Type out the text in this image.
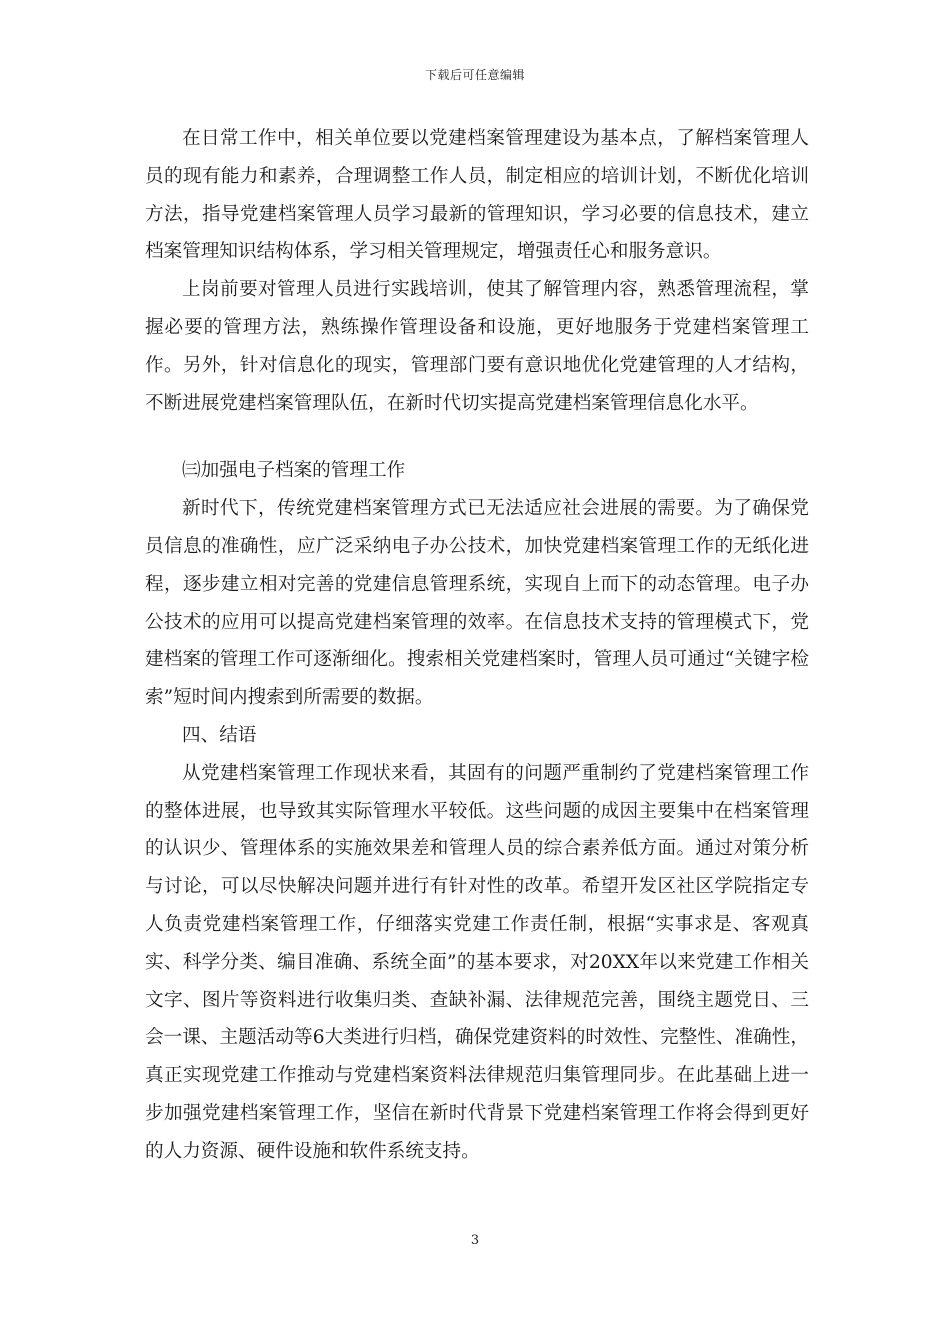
下载后可任意编辑

在日常工作中，相关单位要以党建档案管理建设为基本点，了解档案管理人员的现有能力和素养，合理调整工作人员，制定相应的培训计划，不断优化培训方法，指导党建档案管理人员学习最新的管理知识，学习必要的信息技术，建立档案管理知识结构体系，学习相关管理规定，增强责任心和服务意识。

上岗前要对管理人员进行实践培训，使其了解管理内容，熟悉管理流程，掌握必要的管理方法，熟练操作管理设备和设施，更好地服务于党建档案管理工作。另外，针对信息化的现实，管理部门要有意识地优化党建管理的人才结构，不断进展党建档案管理队伍，在新时代切实提高党建档案管理信息化水平。

㈢加强电子档案的管理工作

新时代下，传统党建档案管理方式已无法适应社会进展的需要。为了确保党员信息的准确性，应广泛采纳电子办公技术，加快党建档案管理工作的无纸化进程，逐步建立相对完善的党建信息管理系统，实现自上而下的动态管理。电子办公技术的应用可以提高党建档案管理的效率。在信息技术支持的管理模式下，党建档案的管理工作可逐渐细化。搜索相关党建档案时，管理人员可通过“关键字检索”短时间内搜索到所需要的数据。

四、结语

从党建档案管理工作现状来看，其固有的问题严重制约了党建档案管理工作的整体进展，也导致其实际管理水平较低。这些问题的成因主要集中在档案管理的认识少、管理体系的实施效果差和管理人员的综合素养低方面。通过对策分析与讨论，可以尽快解决问题并进行有针对性的改革。希望开发区社区学院指定专人负责党建档案管理工作，仔细落实党建工作责任制，根据“实事求是、客观真实、科学分类、编目准确、系统全面”的基本要求，对20XX年以来党建工作相关文字、图片等资料进行收集归类、查缺补漏、法律规范完善，围绕主题党日、三会一课、主题活动等6大类进行归档，确保党建资料的时效性、完整性、准确性，真正实现党建工作推动与党建档案资料法律规范归集管理同步。在此基础上进一步加强党建档案管理工作，坚信在新时代背景下党建档案管理工作将会得到更好的人力资源、硬件设施和软件系统支持。

3
